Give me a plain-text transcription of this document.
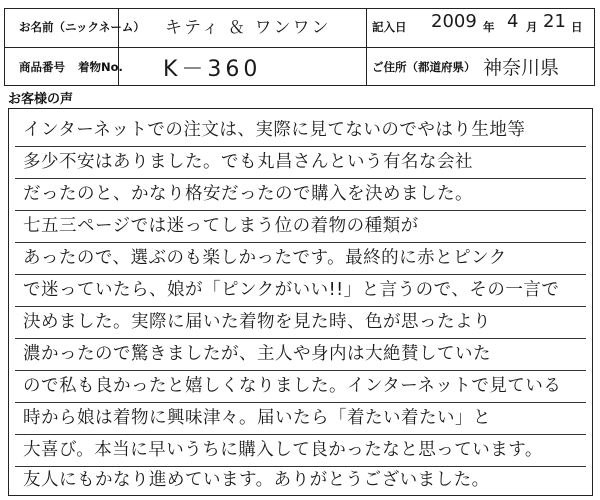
お名前（ニックネーム） キティ ＆ ワンワン	記入日 2009 年 4 月 21 日
商品番号 着物No. K－360	ご住所（都道府県） 神奈川県
お客様の声
インターネットでの注文は、実際に見てないのでやはり生地等
多少不安はありました。でも丸昌さんという有名な会社
だったのと、かなり格安だったので購入を決めました。
七五三ページでは迷ってしまう位の着物の種類が
あったので、選ぶのも楽しかったです。最終的に赤とピンク
で迷っていたら、娘が「ピンクがいい!!」と言うので、その一言で
決めました。実際に届いた着物を見た時、色が思ったより
濃かったので驚きましたが、主人や身内は大絶賛していた
ので私も良かったと嬉しくなりました。インターネットで見ている
時から娘は着物に興味津々。届いたら「着たい着たい」と
大喜び。本当に早いうちに購入して良かったなと思っています。
友人にもかなり進めています。ありがとうございました。
